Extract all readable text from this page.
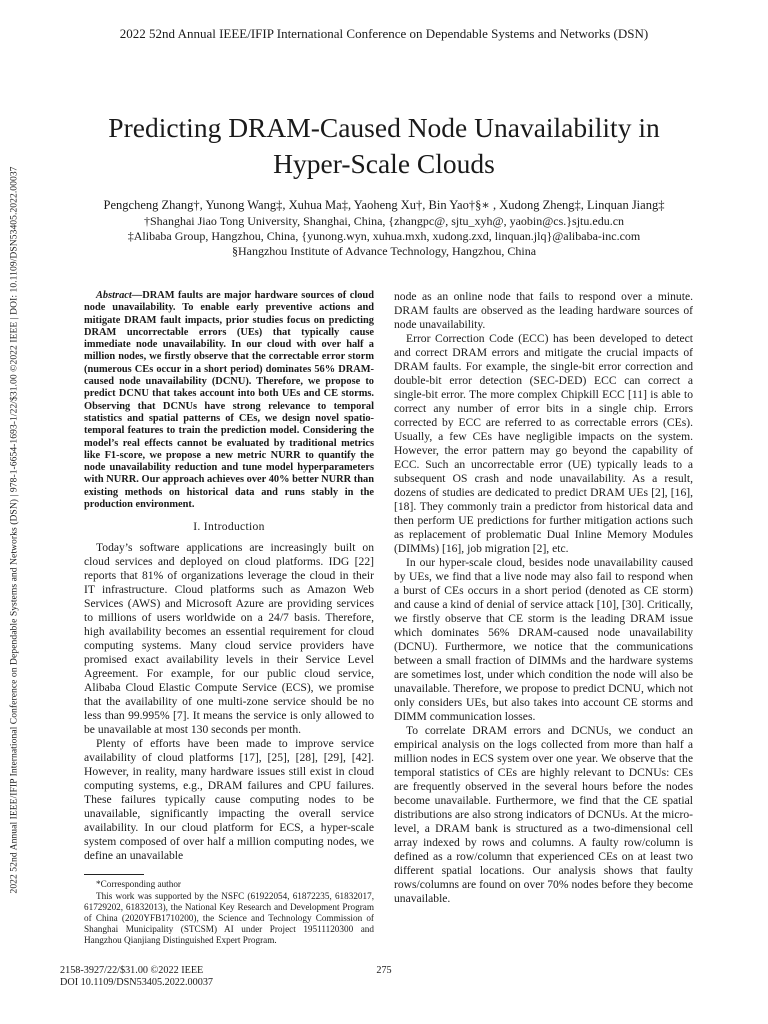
2022 52nd Annual IEEE/IFIP International Conference on Dependable Systems and Networks (DSN)
2022 52nd Annual IEEE/IFIP International Conference on Dependable Systems and Networks (DSN) | 978-1-6654-1693-1/22/$31.00 ©2022 IEEE | DOI: 10.1109/DSN53405.2022.00037
Predicting DRAM-Caused Node Unavailability in
Hyper-Scale Clouds
Pengcheng Zhang†, Yunong Wang‡, Xuhua Ma‡, Yaoheng Xu†, Bin Yao†§∗ , Xudong Zheng‡, Linquan Jiang‡
†Shanghai Jiao Tong University, Shanghai, China, {zhangpc@, sjtu_xyh@, yaobin@cs.}sjtu.edu.cn
‡Alibaba Group, Hangzhou, China, {yunong.wyn, xuhua.mxh, xudong.zxd, linquan.jlq}@alibaba-inc.com
§Hangzhou Institute of Advance Technology, Hangzhou, China

Abstract—DRAM faults are major hardware sources of cloud node unavailability. To enable early preventive actions and mitigate DRAM fault impacts, prior studies focus on predicting DRAM uncorrectable errors (UEs) that typically cause immediate node unavailability. In our cloud with over half a million nodes, we firstly observe that the correctable error storm (numerous CEs occur in a short period) dominates 56% DRAM-caused node unavailability (DCNU). Therefore, we propose to predict DCNU that takes account into both UEs and CE storms. Observing that DCNUs have strong relevance to temporal statistics and spatial patterns of CEs, we design novel spatio-temporal features to train the prediction model. Considering the model’s real effects cannot be evaluated by traditional metrics like F1-score, we propose a new metric NURR to quantify the node unavailability reduction and tune model hyperparameters with NURR. Our approach achieves over 40% better NURR than existing methods on historical data and runs stably in the production environment.

I. Introduction

Today’s software applications are increasingly built on cloud services and deployed on cloud platforms. IDG [22] reports that 81% of organizations leverage the cloud in their IT infrastructure. Cloud platforms such as Amazon Web Services (AWS) and Microsoft Azure are providing services to millions of users worldwide on a 24/7 basis. Therefore, high availability becomes an essential requirement for cloud computing systems. Many cloud service providers have promised exact availability levels in their Service Level Agreement. For example, for our public cloud service, Alibaba Cloud Elastic Compute Service (ECS), we promise that the availability of one multi-zone service should be no less than 99.995% [7]. It means the service is only allowed to be unavailable at most 130 seconds per month.

Plenty of efforts have been made to improve service availability of cloud platforms [17], [25], [28], [29], [42]. However, in reality, many hardware issues still exist in cloud computing systems, e.g., DRAM failures and CPU failures. These failures typically cause computing nodes to be unavailable, significantly impacting the overall service availability. In our cloud platform for ECS, a hyper-scale system composed of over half a million computing nodes, we define an unavailable

*Corresponding author

This work was supported by the NSFC (61922054, 61872235, 61832017, 61729202, 61832013), the National Key Research and Development Program of China (2020YFB1710200), the Science and Technology Commission of Shanghai Municipality (STCSM) AI under Project 19511120300 and Hangzhou Qianjiang Distinguished Expert Program.

node as an online node that fails to respond over a minute. DRAM faults are observed as the leading hardware sources of node unavailability.

Error Correction Code (ECC) has been developed to detect and correct DRAM errors and mitigate the crucial impacts of DRAM faults. For example, the single-bit error correction and double-bit error detection (SEC-DED) ECC can correct a single-bit error. The more complex Chipkill ECC [11] is able to correct any number of error bits in a single chip. Errors corrected by ECC are referred to as correctable errors (CEs). Usually, a few CEs have negligible impacts on the system. However, the error pattern may go beyond the capability of ECC. Such an uncorrectable error (UE) typically leads to a subsequent OS crash and node unavailability. As a result, dozens of studies are dedicated to predict DRAM UEs [2], [16], [18]. They commonly train a predictor from historical data and then perform UE predictions for further mitigation actions such as replacement of problematic Dual Inline Memory Modules (DIMMs) [16], job migration [2], etc.

In our hyper-scale cloud, besides node unavailability caused by UEs, we find that a live node may also fail to respond when a burst of CEs occurs in a short period (denoted as CE storm) and cause a kind of denial of service attack [10], [30]. Critically, we firstly observe that CE storm is the leading DRAM issue which dominates 56% DRAM-caused node unavailability (DCNU). Furthermore, we notice that the communications between a small fraction of DIMMs and the hardware systems are sometimes lost, under which condition the node will also be unavailable. Therefore, we propose to predict DCNU, which not only considers UEs, but also takes into account CE storms and DIMM communication losses.

To correlate DRAM errors and DCNUs, we conduct an empirical analysis on the logs collected from more than half a million nodes in ECS system over one year. We observe that the temporal statistics of CEs are highly relevant to DCNUs: CEs are frequently observed in the several hours before the nodes become unavailable. Furthermore, we find that the CE spatial distributions are also strong indicators of DCNUs. At the micro-level, a DRAM bank is structured as a two-dimensional cell array indexed by rows and columns. A faulty row/column is defined as a row/column that experienced CEs on at least two different spatial locations. Our analysis shows that faulty rows/columns are found on over 70% nodes before they become unavailable.

2158-3927/22/$31.00 ©2022 IEEE
DOI 10.1109/DSN53405.2022.00037
275
